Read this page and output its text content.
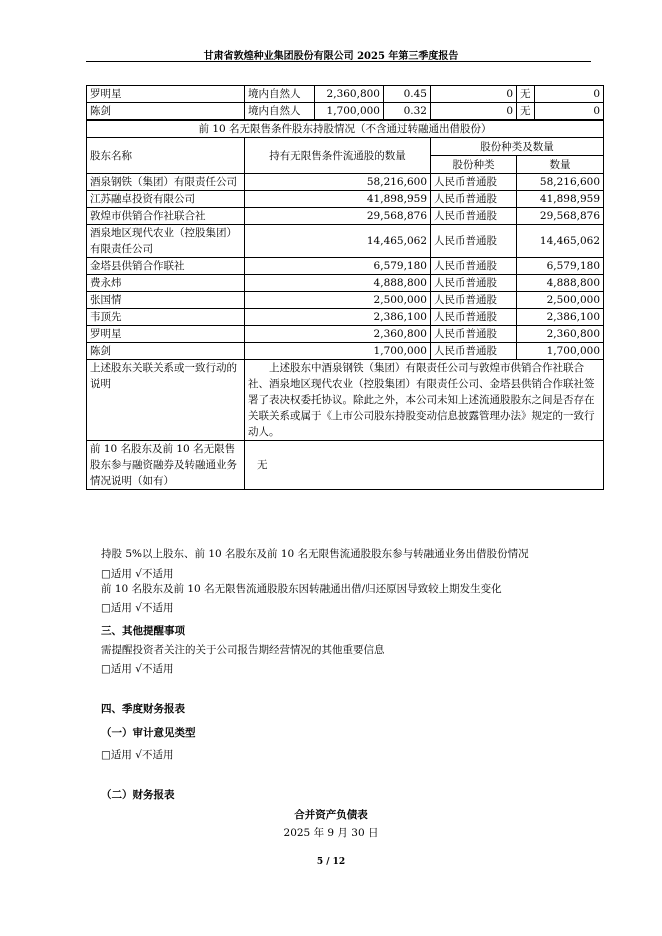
甘肃省敦煌种业集团股份有限公司 2025 年第三季度报告
罗明星	境内自然人	2,360,800	0.45	0	无	0
陈剑	境内自然人	1,700,000	0.32	0	无	0
前 10 名无限售条件股东持股情况（不含通过转融通出借股份）			
股东名称	持有无限售条件流通股的数量	股份种类及数量	
		股份种类	数量
酒泉钢铁（集团）有限责任公司	58,216,600	人民币普通股	58,216,600
江苏融卓投资有限公司	41,898,959	人民币普通股	41,898,959
敦煌市供销合作社联合社	29,568,876	人民币普通股	29,568,876
酒泉地区现代农业（控股集团）有限责任公司	14,465,062	人民币普通股	14,465,062
金塔县供销合作联社	6,579,180	人民币普通股	6,579,180
费永炜	4,888,800	人民币普通股	4,888,800
张国情	2,500,000	人民币普通股	2,500,000
韦顶先	2,386,100	人民币普通股	2,386,100
罗明星	2,360,800	人民币普通股	2,360,800
陈剑	1,700,000	人民币普通股	1,700,000
上述股东关联关系或一致行动的说明	上述股东中酒泉钢铁（集团）有限责任公司与敦煌市供销合作社联合社、酒泉地区现代农业（控股集团）有限责任公司、金塔县供销合作联社签署了表决权委托协议。除此之外，本公司未知上述流通股股东之间是否存在关联关系或属于《上市公司股东持股变动信息披露管理办法》规定的一致行动人。		
前 10 名股东及前 10 名无限售股东参与融资融券及转融通业务情况说明（如有）	无		
持股 5%以上股东、前 10 名股东及前 10 名无限售流通股股东参与转融通业务出借股份情况
□适用 √不适用
前 10 名股东及前 10 名无限售流通股股东因转融通出借/归还原因导致较上期发生变化
□适用 √不适用
三、其他提醒事项
需提醒投资者关注的关于公司报告期经营情况的其他重要信息
□适用 √不适用
四、季度财务报表
（一）审计意见类型
□适用 √不适用
（二）财务报表
合并资产负债表
2025 年 9 月 30 日
5 / 12
